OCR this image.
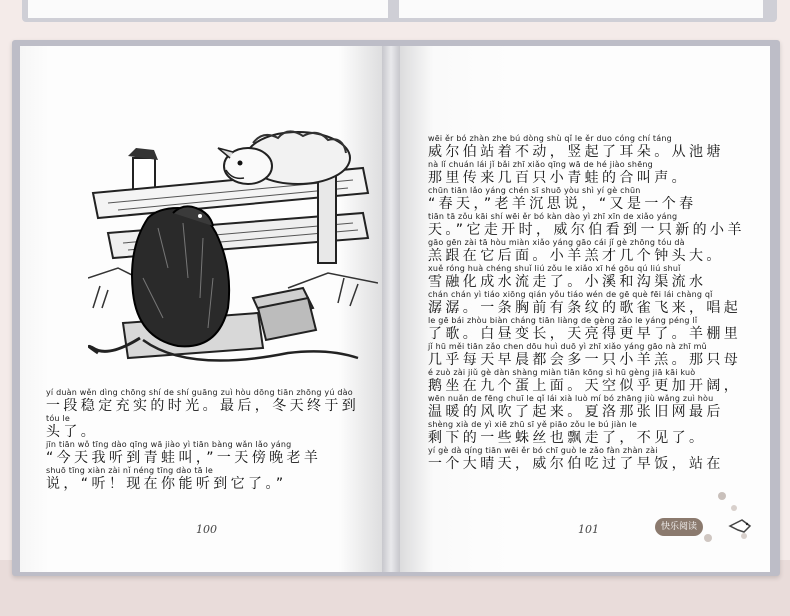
yí duàn wěn dìng chōng shí de shí guāng zuì hòu dōng tiān zhōng yú dào
一段稳定充实的时光。最后，冬天终于到
tóu le
头了。
jīn tiān wǒ tīng dào qīng wā jiào yì tiān bàng wǎn lǎo yáng
“今天我听到青蛙叫，”一天傍晚老羊
shuō tīng xiàn zài nǐ néng tīng dào tā le
说，“听！现在你能听到它了。”
100
wēi ěr bó zhàn zhe bú dòng shù qǐ le ěr duo cóng chí táng
威尔伯站着不动，竖起了耳朵。从池塘
nà lǐ chuán lái jǐ bǎi zhī xiǎo qīng wā de hé jiào shēng
那里传来几百只小青蛙的合叫声。
chūn tiān lǎo yáng chén sī shuō yòu shì yí gè chūn
“春天，”老羊沉思说，“又是一个春
tiān tā zǒu kāi shí wēi ěr bó kàn dào yì zhī xīn de xiǎo yáng
天。”它走开时，威尔伯看到一只新的小羊
gāo gēn zài tā hòu miàn xiǎo yáng gāo cái jǐ gè zhōng tóu dà
羔跟在它后面。小羊羔才几个钟头大。
xuě róng huà chéng shuǐ liú zǒu le xiǎo xī hé gōu qú liú shuǐ
雪融化成水流走了。小溪和沟渠流水
chán chán yì tiáo xiōng qián yǒu tiáo wén de gē què fēi lái chàng qǐ
潺潺。一条胸前有条纹的歌雀飞来，唱起
le gē bái zhòu biàn cháng tiān liàng de gèng zǎo le yáng péng lǐ
了歌。白昼变长，天亮得更早了。羊棚里
jǐ hū měi tiān zǎo chen dōu huì duō yì zhī xiǎo yáng gāo nà zhī mǔ
几乎每天早晨都会多一只小羊羔。那只母
é zuò zài jiǔ gè dàn shàng miàn tiān kōng sì hū gèng jiā kāi kuò
鹅坐在九个蛋上面。天空似乎更加开阔，
wēn nuǎn de fēng chuī le qǐ lái xià luò mí bó zhāng jiù wǎng zuì hòu
温暖的风吹了起来。夏洛那张旧网最后
shèng xià de yì xiē zhū sī yě piāo zǒu le bú jiàn le
剩下的一些蛛丝也飘走了，不见了。
yí gè dà qíng tiān wēi ěr bó chī guò le zǎo fàn zhàn zài
一个大晴天，威尔伯吃过了早饭，站在
101	快乐阅读
